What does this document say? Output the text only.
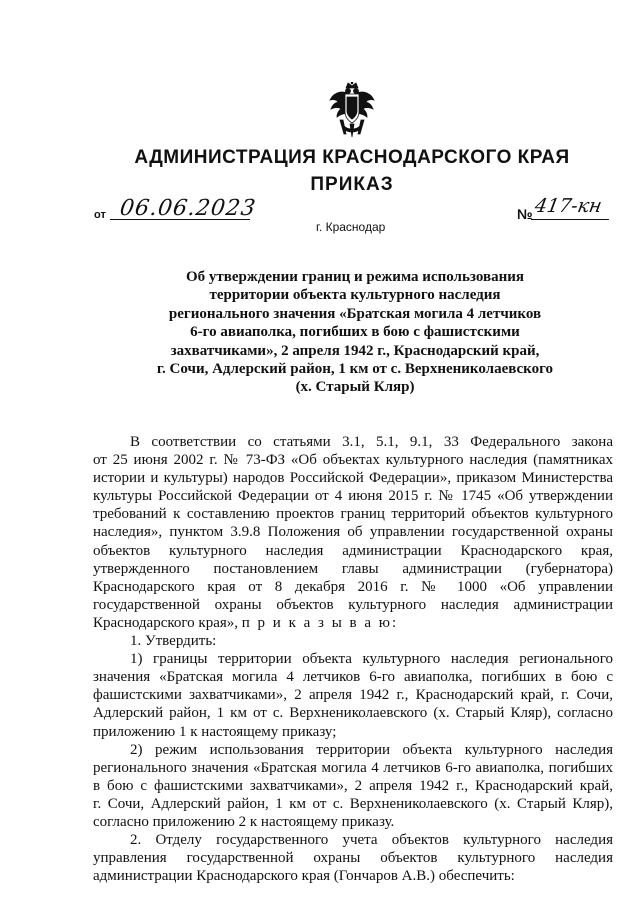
АДМИНИСТРАЦИЯ КРАСНОДАРСКОГО КРАЯ
ПРИКАЗ
от 06.06.2023	№ 417-кн
г. Краснодар
Об утверждении границ и режима использования
территории объекта культурного наследия
регионального значения «Братская могила 4 летчиков
6-го авиаполка, погибших в бою с фашистскими
захватчиками», 2 апреля 1942 г., Краснодарский край,
г. Сочи, Адлерский район, 1 км от с. Верхнениколаевского
(х. Старый Кляр)
В соответствии со статьями 3.1, 5.1, 9.1, 33 Федерального закона
от 25 июня 2002 г. № 73-ФЗ «Об объектах культурного наследия (памятниках
истории и культуры) народов Российской Федерации», приказом Министерства
культуры Российской Федерации от 4 июня 2015 г. № 1745 «Об утверждении
требований к составлению проектов границ территорий объектов культурного
наследия», пунктом 3.9.8 Положения об управлении государственной охраны
объектов культурного наследия администрации Краснодарского края,
утвержденного постановлением главы администрации (губернатора)
Краснодарского края от 8 декабря 2016 г. № 1000 «Об управлении
государственной охраны объектов культурного наследия администрации
Краснодарского края», п р и к а з ы в а ю:
1. Утвердить:
1) границы территории объекта культурного наследия регионального
значения «Братская могила 4 летчиков 6-го авиаполка, погибших в бою с
фашистскими захватчиками», 2 апреля 1942 г., Краснодарский край, г. Сочи,
Адлерский район, 1 км от с. Верхнениколаевского (х. Старый Кляр), согласно
приложению 1 к настоящему приказу;
2) режим использования территории объекта культурного наследия
регионального значения «Братская могила 4 летчиков 6-го авиаполка, погибших
в бою с фашистскими захватчиками», 2 апреля 1942 г., Краснодарский край,
г. Сочи, Адлерский район, 1 км от с. Верхнениколаевского (х. Старый Кляр),
согласно приложению 2 к настоящему приказу.
2. Отделу государственного учета объектов культурного наследия
управления государственной охраны объектов культурного наследия
администрации Краснодарского края (Гончаров А.В.) обеспечить:
